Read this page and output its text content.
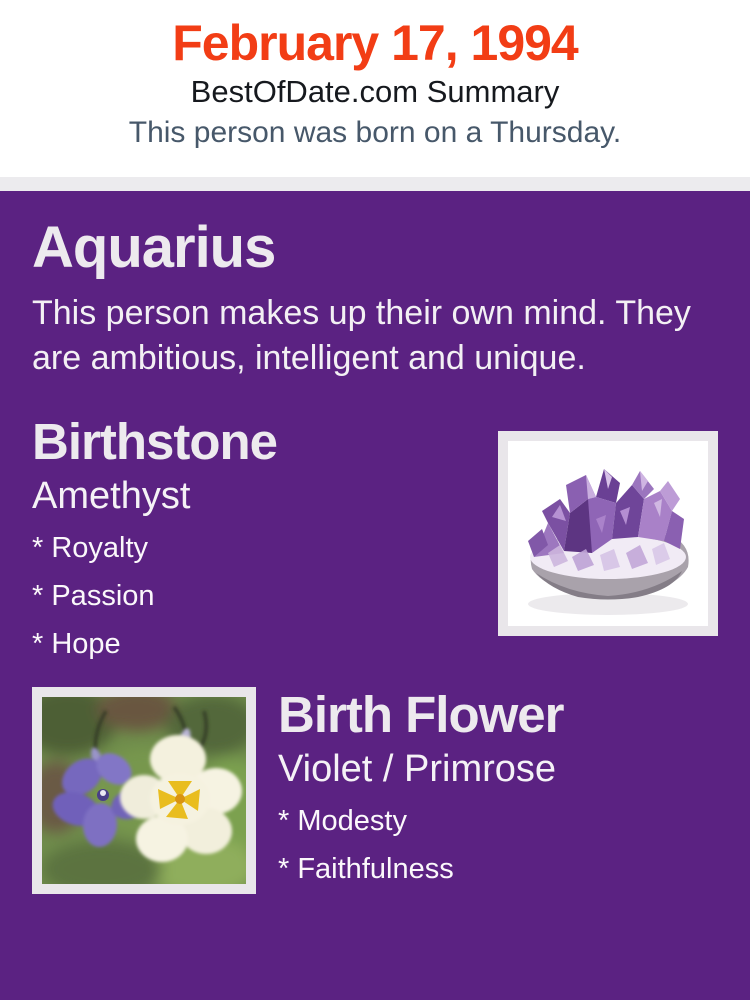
February 17, 1994
BestOfDate.com Summary
This person was born on a Thursday.
Aquarius

This person makes up their own mind. They are ambitious, intelligent and unique.

Birthstone
Amethyst
* Royalty
* Passion
* Hope
Birth Flower
Violet / Primrose
* Modesty
* Faithfulness
